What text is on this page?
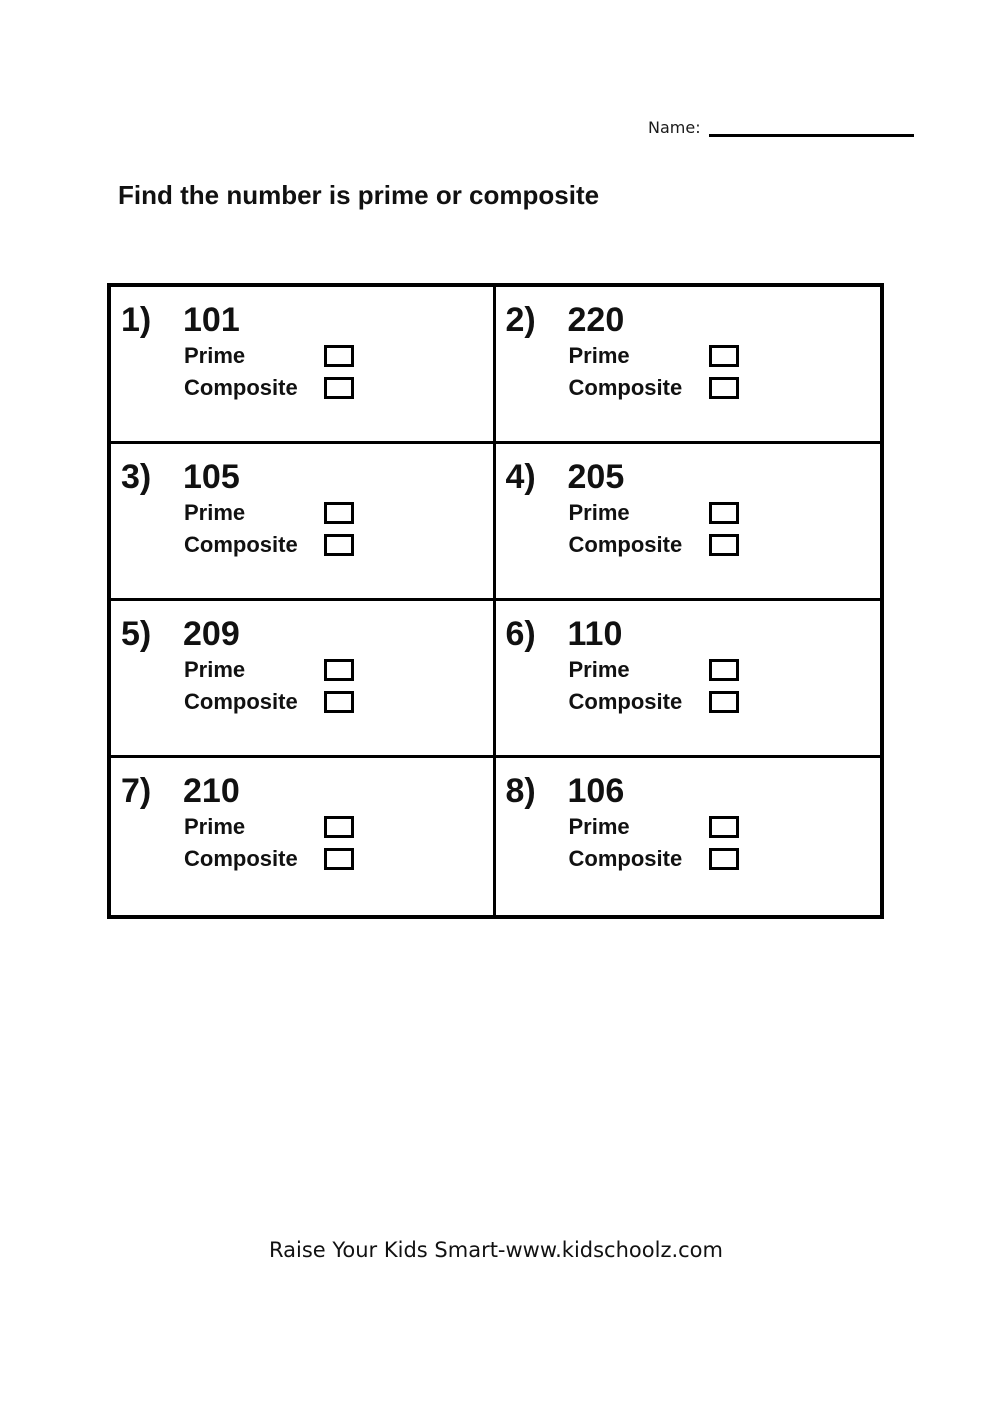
Name:
Find the number is prime or composite
1) 101
Prime
Composite
2) 220
Prime
Composite
3) 105
Prime
Composite
4) 205
Prime
Composite
5) 209
Prime
Composite
6) 110
Prime
Composite
7) 210
Prime
Composite
8) 106
Prime
Composite
Raise Your Kids Smart-www.kidschoolz.com
